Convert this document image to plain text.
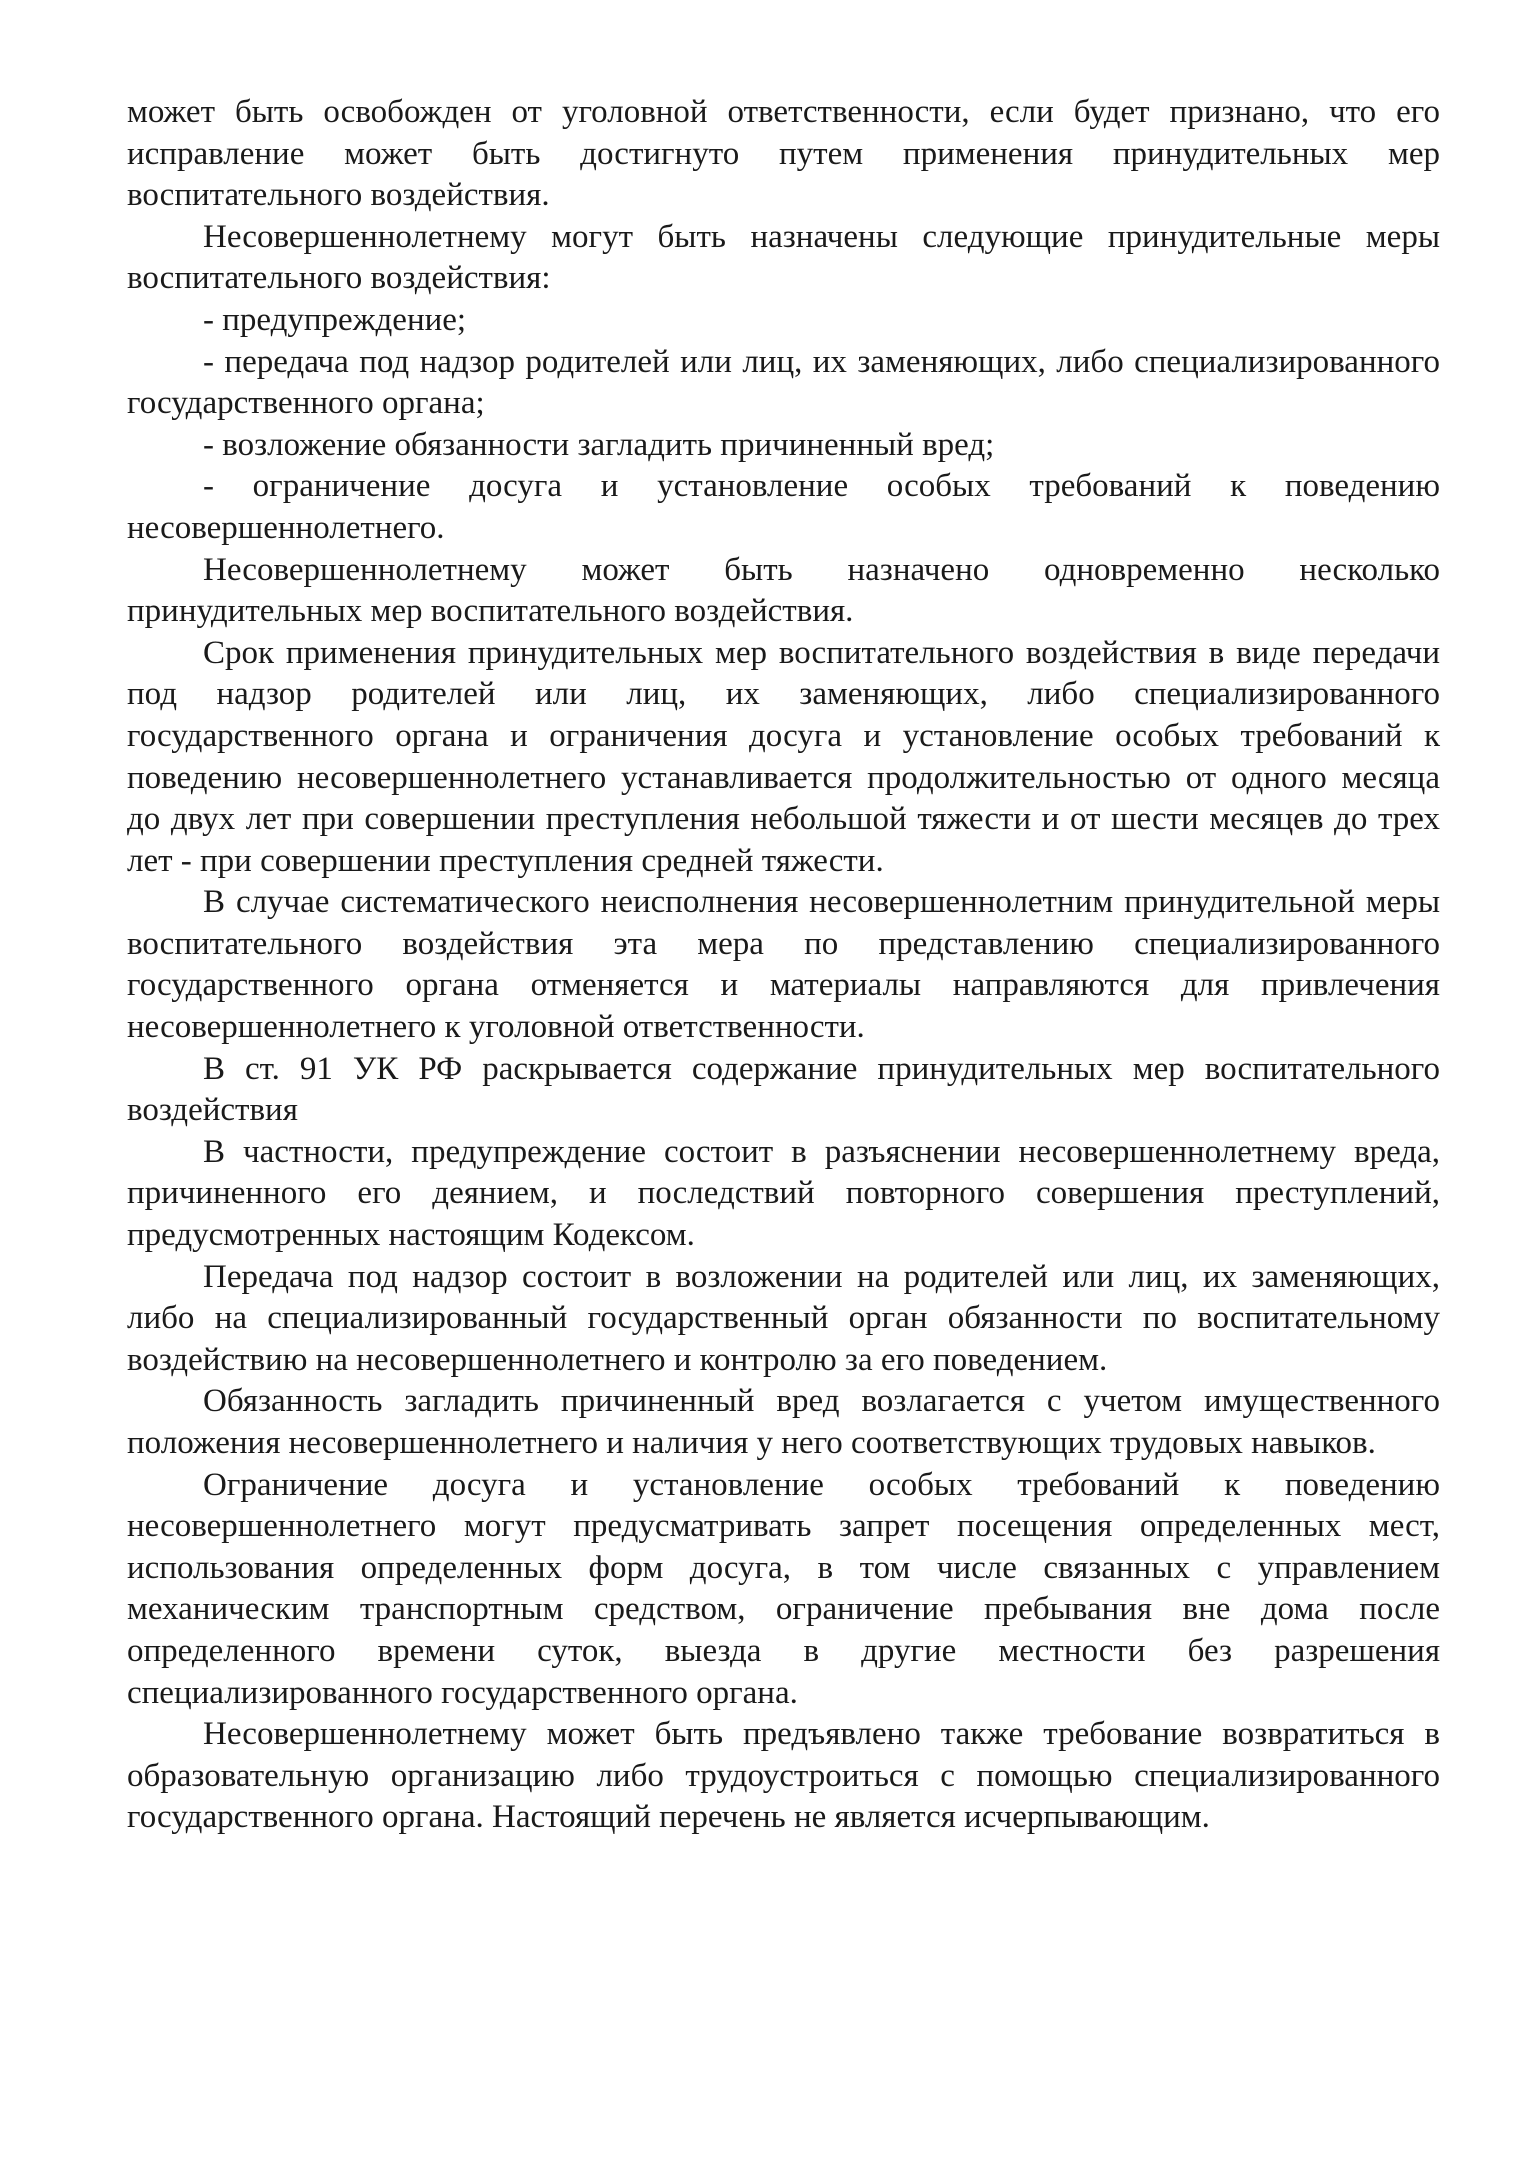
может быть освобожден от уголовной ответственности, если будет признано, что его исправление может быть достигнуто путем применения принудительных мер воспитательного воздействия.

Несовершеннолетнему могут быть назначены следующие принудительные меры воспитательного воздействия:

- предупреждение;

- передача под надзор родителей или лиц, их заменяющих, либо специализированного государственного органа;

- возложение обязанности загладить причиненный вред;

- ограничение досуга и установление особых требований к поведению несовершеннолетнего.

Несовершеннолетнему может быть назначено одновременно несколько принудительных мер воспитательного воздействия.

Срок применения принудительных мер воспитательного воздействия в виде передачи под надзор родителей или лиц, их заменяющих, либо специализированного государственного органа и ограничения досуга и установление особых требований к поведению несовершеннолетнего устанавливается продолжительностью от одного месяца до двух лет при совершении преступления небольшой тяжести и от шести месяцев до трех лет - при совершении преступления средней тяжести.

В случае систематического неисполнения несовершеннолетним принудительной меры воспитательного воздействия эта мера по представлению специализированного государственного органа отменяется и материалы направляются для привлечения несовершеннолетнего к уголовной ответственности.

В ст. 91 УК РФ раскрывается содержание принудительных мер воспитательного воздействия

В частности, предупреждение состоит в разъяснении несовершеннолетнему вреда, причиненного его деянием, и последствий повторного совершения преступлений, предусмотренных настоящим Кодексом.

Передача под надзор состоит в возложении на родителей или лиц, их заменяющих, либо на специализированный государственный орган обязанности по воспитательному воздействию на несовершеннолетнего и контролю за его поведением.

Обязанность загладить причиненный вред возлагается с учетом имущественного положения несовершеннолетнего и наличия у него соответствующих трудовых навыков.

Ограничение досуга и установление особых требований к поведению несовершеннолетнего могут предусматривать запрет посещения определенных мест, использования определенных форм досуга, в том числе связанных с управлением механическим транспортным средством, ограничение пребывания вне дома после определенного времени суток, выезда в другие местности без разрешения специализированного государственного органа.

Несовершеннолетнему может быть предъявлено также требование возвратиться в образовательную организацию либо трудоустроиться с помощью специализированного государственного органа. Настоящий перечень не является исчерпывающим.
